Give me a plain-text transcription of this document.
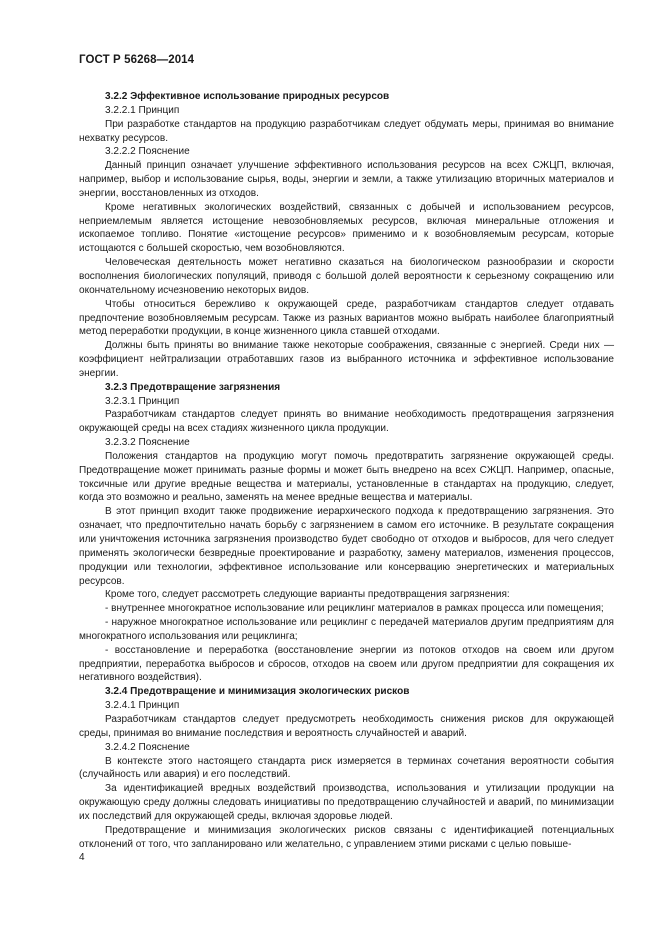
ГОСТ Р 56268—2014

3.2.2 Эффективное использование природных ресурсов

3.2.2.1 Принцип

При разработке стандартов на продукцию разработчикам следует обдумать меры, принимая во внимание нехватку ресурсов.

3.2.2.2 Пояснение

Данный принцип означает улучшение эффективного использования ресурсов на всех СЖЦП, включая, например, выбор и использование сырья, воды, энергии и земли, а также утилизацию вторичных материалов и энергии, восстановленных из отходов.

Кроме негативных экологических воздействий, связанных с добычей и использованием ресурсов, неприемлемым является истощение невозобновляемых ресурсов, включая минеральные отложения и ископаемое топливо. Понятие «истощение ресурсов» применимо и к возобновляемым ресурсам, которые истощаются с большей скоростью, чем возобновляются.

Человеческая деятельность может негативно сказаться на биологическом разнообразии и скорости восполнения биологических популяций, приводя с большой долей вероятности к серьезному сокращению или окончательному исчезновению некоторых видов.

Чтобы относиться бережливо к окружающей среде, разработчикам стандартов следует отдавать предпочтение возобновляемым ресурсам. Также из разных вариантов можно выбрать наиболее благоприятный метод переработки продукции, в конце жизненного цикла ставшей отходами.

Должны быть приняты во внимание также некоторые соображения, связанные с энергией. Среди них — коэффициент нейтрализации отработавших газов из выбранного источника и эффективное использование энергии.

3.2.3 Предотвращение загрязнения

3.2.3.1 Принцип

Разработчикам стандартов следует принять во внимание необходимость предотвращения загрязнения окружающей среды на всех стадиях жизненного цикла продукции.

3.2.3.2 Пояснение

Положения стандартов на продукцию могут помочь предотвратить загрязнение окружающей среды. Предотвращение может принимать разные формы и может быть внедрено на всех СЖЦП. Например, опасные, токсичные или другие вредные вещества и материалы, установленные в стандартах на продукцию, следует, когда это возможно и реально, заменять на менее вредные вещества и материалы.

В этот принцип входит также продвижение иерархического подхода к предотвращению загрязнения. Это означает, что предпочтительно начать борьбу с загрязнением в самом его источнике. В результате сокращения или уничтожения источника загрязнения производство будет свободно от отходов и выбросов, для чего следует применять экологически безвредные проектирование и разработку, замену материалов, изменения процессов, продукции или технологии, эффективное использование или консервацию энергетических и материальных ресурсов.

Кроме того, следует рассмотреть следующие варианты предотвращения загрязнения:

- внутреннее многократное использование или рециклинг материалов в рамках процесса или помещения;

- наружное многократное использование или рециклинг с передачей материалов другим предприятиям для многократного использования или рециклинга;

- восстановление и переработка (восстановление энергии из потоков отходов на своем или другом предприятии, переработка выбросов и сбросов, отходов на своем или другом предприятии для сокращения их негативного воздействия).

3.2.4 Предотвращение и минимизация экологических рисков

3.2.4.1 Принцип

Разработчикам стандартов следует предусмотреть необходимость снижения рисков для окружающей среды, принимая во внимание последствия и вероятность случайностей и аварий.

3.2.4.2 Пояснение

В контексте этого настоящего стандарта риск измеряется в терминах сочетания вероятности события (случайность или авария) и его последствий.

За идентификацией вредных воздействий производства, использования и утилизации продукции на окружающую среду должны следовать инициативы по предотвращению случайностей и аварий, по минимизации их последствий для окружающей среды, включая здоровье людей.

Предотвращение и минимизация экологических рисков связаны с идентификацией потенциальных отклонений от того, что запланировано или желательно, с управлением этими рисками с целью повыше-

4
